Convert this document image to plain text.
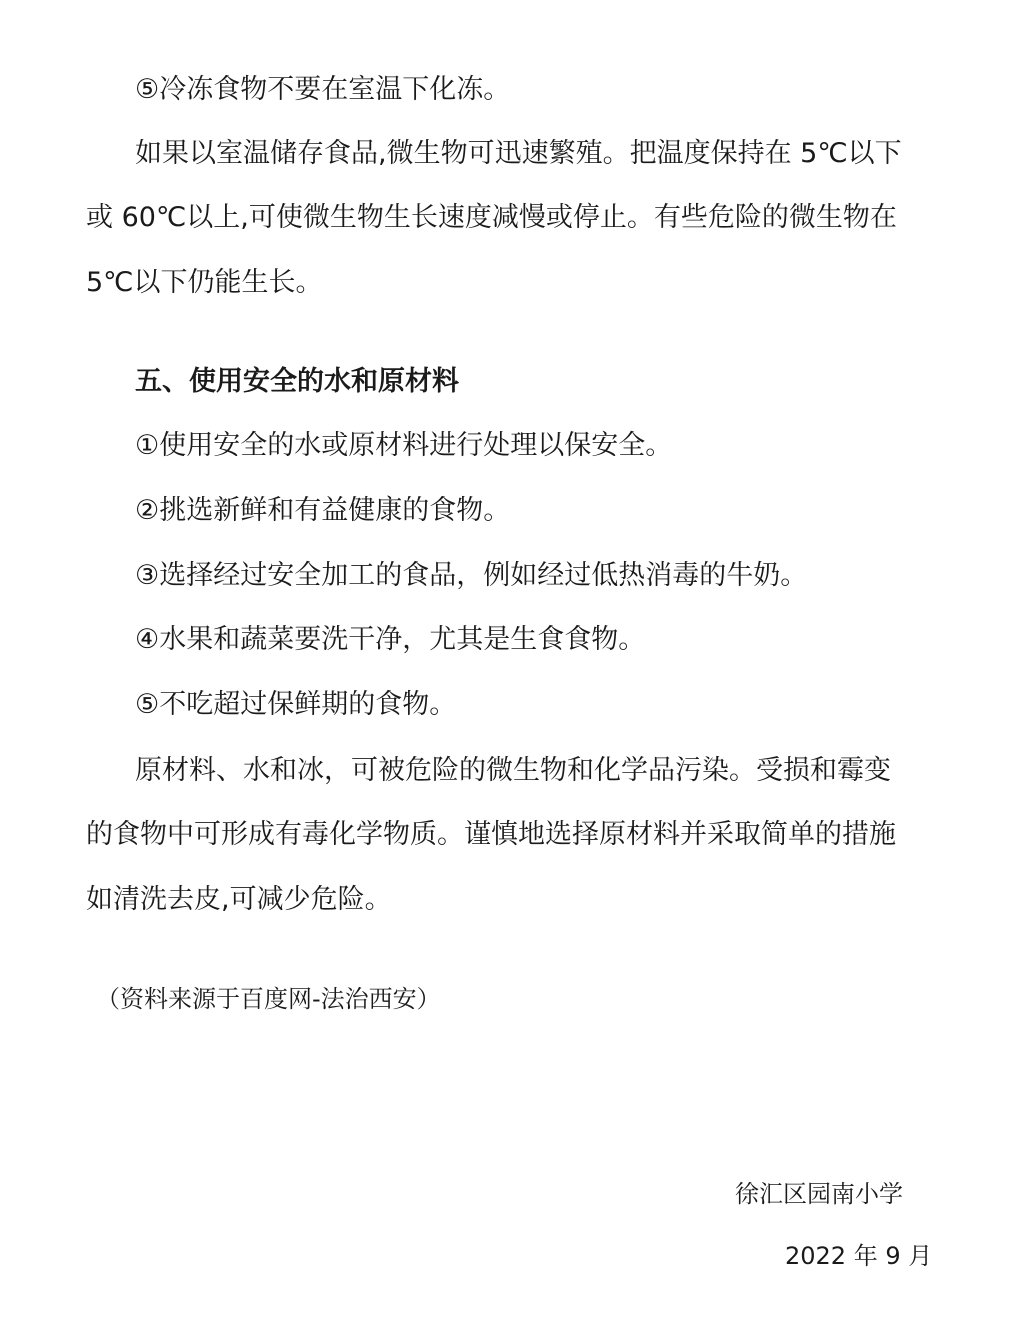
⑤冷冻食物不要在室温下化冻。

如果以室温储存食品,微生物可迅速繁殖。把温度保持在 5℃以下

或 60℃以上,可使微生物生长速度减慢或停止。有些危险的微生物在

5℃以下仍能生长。

五、使用安全的水和原材料

①使用安全的水或原材料进行处理以保安全。

②挑选新鲜和有益健康的食物。

③选择经过安全加工的食品，例如经过低热消毒的牛奶。

④水果和蔬菜要洗干净，尤其是生食食物。

⑤不吃超过保鲜期的食物。

原材料、水和冰，可被危险的微生物和化学品污染。受损和霉变

的食物中可形成有毒化学物质。谨慎地选择原材料并采取简单的措施

如清洗去皮,可减少危险。

（资料来源于百度网-法治西安）

徐汇区园南小学

2022 年 9 月
